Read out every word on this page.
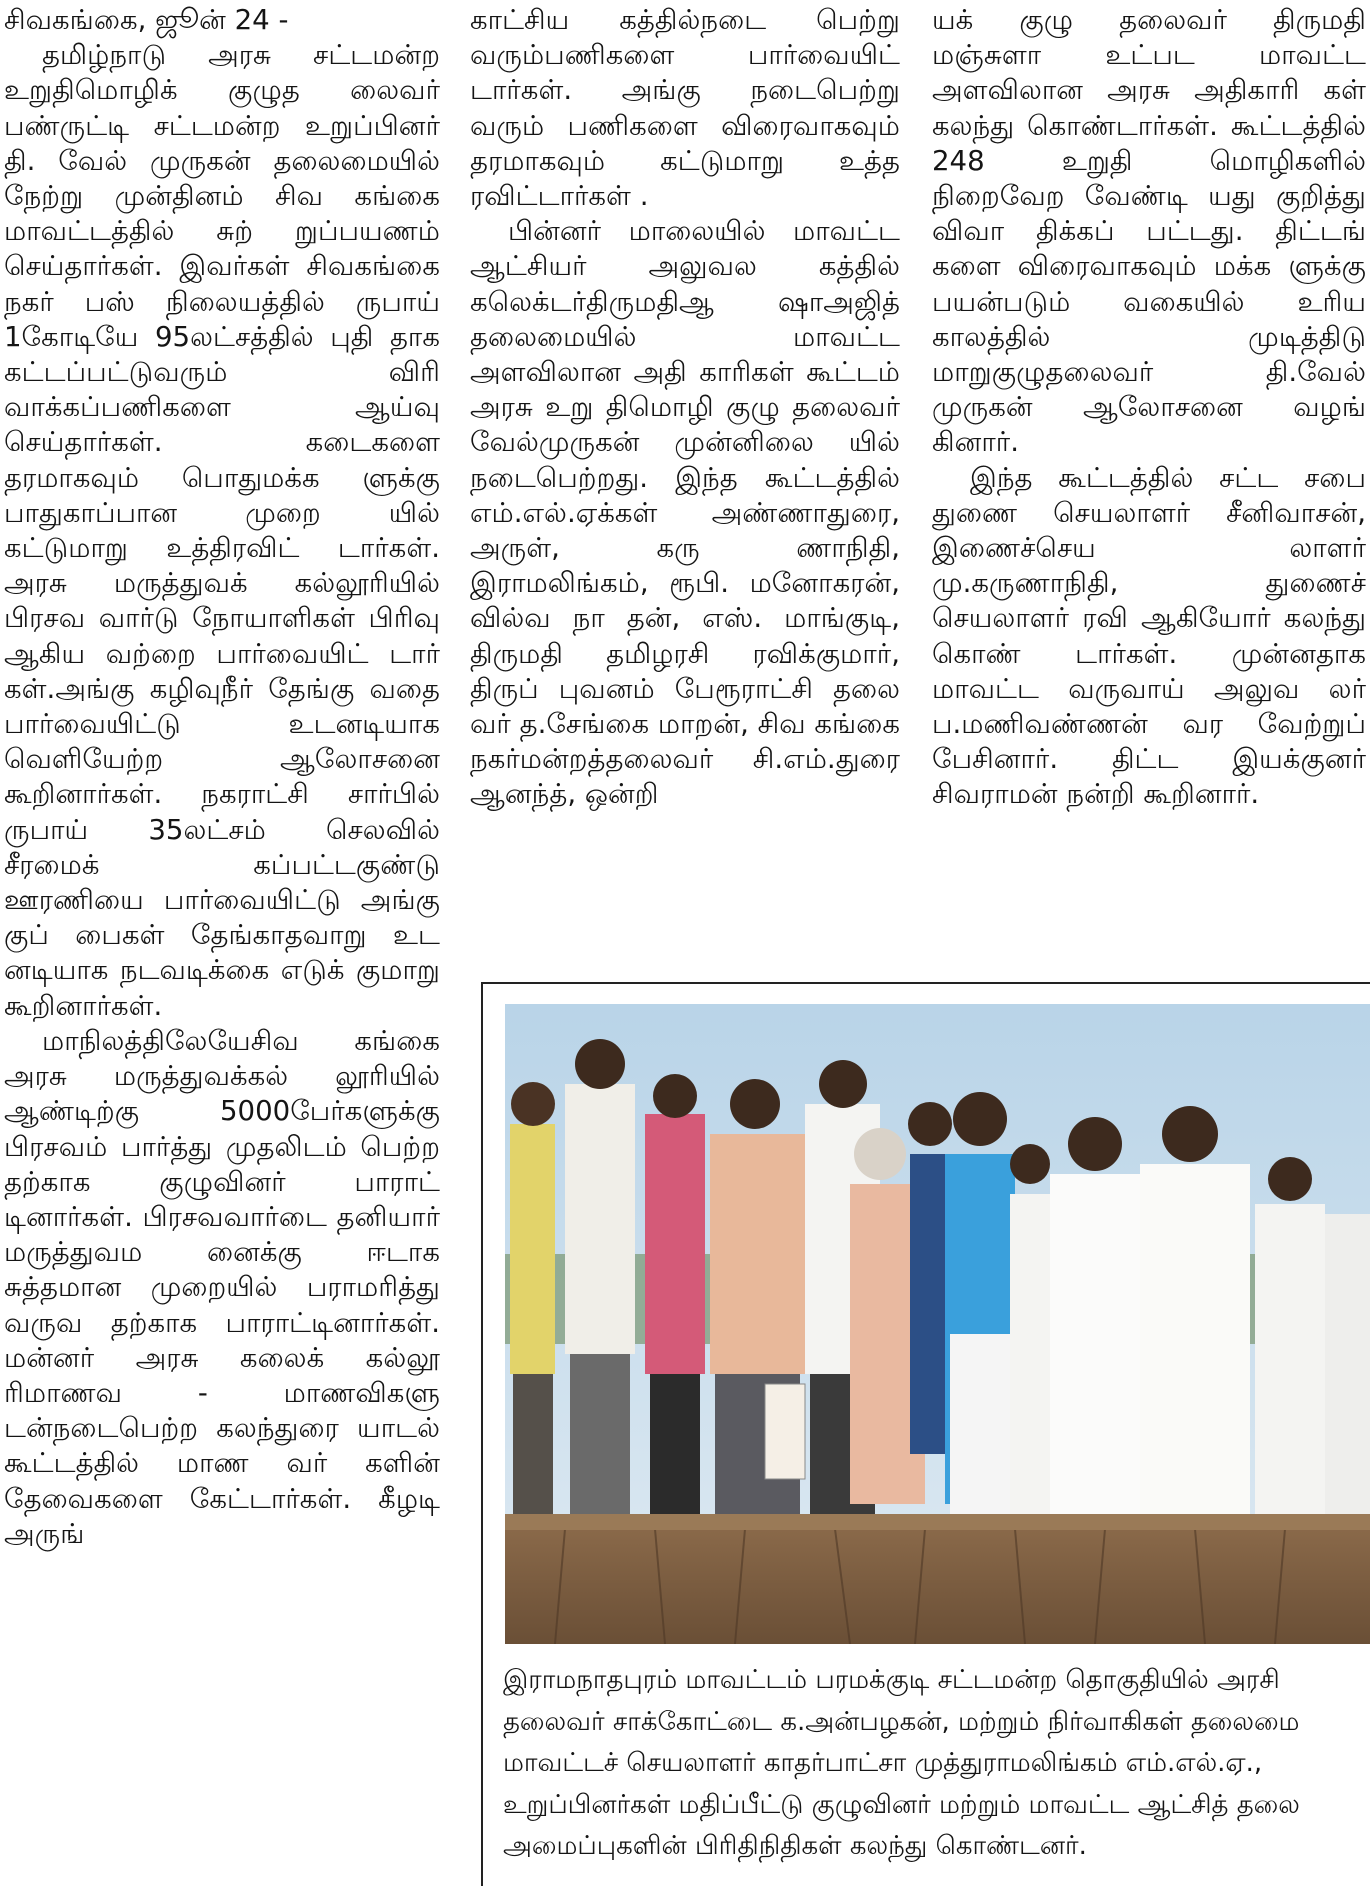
சிவகங்கை, ஜூன் 24 -

தமிழ்நாடு அரசு சட்டமன்ற உறுதிமொழிக் குழுத லைவர் பண்ருட்டி சட்டமன்ற உறுப்பினர் தி. வேல் முருகன் தலைமையில் நேற்று முன்தினம் சிவ கங்கை மாவட்டத்தில் சுற் றுப்பயணம் செய்தார்கள். இவர்கள் சிவகங்கை நகர் பஸ் நிலையத்தில் ருபாய் 1கோடியே 95லட்சத்தில் புதி தாக கட்டப்பட்டுவரும் விரி வாக்கப்பணிகளை ஆய்வு செய்தார்கள். கடைகளை தரமாகவும் பொதுமக்க ளுக்கு பாதுகாப்பான முறை யில் கட்டுமாறு உத்திரவிட் டார்கள். அரசு மருத்துவக் கல்லூரியில் பிரசவ வார்டு நோயாளிகள் பிரிவு ஆகிய வற்றை பார்வையிட் டார் கள்.அங்கு கழிவுநீர் தேங்கு வதை பார்வையிட்டு உடனடியாக வெளியேற்ற ஆலோசனை கூறினார்கள். நகராட்சி சார்பில் ருபாய் 35லட்சம் செலவில் சீரமைக் கப்பட்டகுண்டு ஊரணியை பார்வையிட்டு அங்கு குப் பைகள் தேங்காதவாறு உட னடியாக நடவடிக்கை எடுக் குமாறு கூறினார்கள்.

மாநிலத்திலேயேசிவ கங்கை அரசு மருத்துவக்கல் லூரியில் ஆண்டிற்கு 5000பேர்களுக்கு பிரசவம் பார்த்து முதலிடம் பெற்ற தற்காக குழுவினர் பாராட் டினார்கள். பிரசவவார்டை தனியார் மருத்துவம னைக்கு ஈடாக சுத்தமான முறையில் பராமரித்து வருவ தற்காக பாராட்டினார்கள். மன்னர் அரசு கலைக் கல்லூ ரிமாணவ - மாணவிகளு டன்நடைபெற்ற கலந்துரை யாடல் கூட்டத்தில் மாண வர் களின் தேவைகளை கேட்டார்கள். கீழடி அருங்

காட்சிய கத்தில்நடை பெற்று வரும்பணிகளை பார்வையிட் டார்கள். அங்கு நடைபெற்று வரும் பணிகளை விரைவாகவும் தரமாகவும் கட்டுமாறு உத்த ரவிட்டார்கள் .

பின்னர் மாலையில் மாவட்ட ஆட்சியர் அலுவல கத்தில் கலெக்டர்திருமதிஆ ஷாஅஜித் தலைமையில் மாவட்ட அளவிலான அதி காரிகள் கூட்டம் அரசு உறு திமொழி குழு தலைவர் வேல்முருகன் முன்னிலை யில் நடைபெற்றது. இந்த கூட்டத்தில் எம்.எல்.ஏக்கள் அண்ணாதுரை, அருள், கரு ணாநிதி, இராமலிங்கம், ரூபி. மனோகரன், வில்வ நா தன், எஸ். மாங்குடி, திருமதி தமிழரசி ரவிக்குமார், திருப் புவனம் பேரூராட்சி தலை வர் த.சேங்கை மாறன், சிவ கங்கை நகர்மன்றத்தலைவர் சி.எம்.துரை ஆனந்த், ஒன்றி

யக் குழு தலைவர் திருமதி மஞ்சுளா உட்பட மாவட்ட அளவிலான அரசு அதிகாரி கள் கலந்து கொண்டார்கள். கூட்டத்தில் 248 உறுதி மொழிகளில் நிறைவேற வேண்டி யது குறித்து விவா திக்கப் பட்டது. திட்டங் களை விரைவாகவும் மக்க ளுக்கு பயன்படும் வகையில் உரிய காலத்தில் முடித்திடு மாறுகுழுதலைவர் தி.வேல் முருகன் ஆலோசனை வழங் கினார்.

இந்த கூட்டத்தில் சட்ட சபை துணை செயலாளர் சீனிவாசன், இணைச்செய லாளர் மு.கருணாநிதி, துணைச் செயலாளர் ரவி ஆகியோர் கலந்து கொண் டார்கள். முன்னதாக மாவட்ட வருவாய் அலுவ லர் ப.மணிவண்ணன் வர வேற்றுப் பேசினார். திட்ட இயக்குனர் சிவராமன் நன்றி கூறினார்.

இராமநாதபுரம் மாவட்டம் பரமக்குடி சட்டமன்ற தொகுதியில் அரசி

தலைவர் சாக்கோட்டை க.அன்பழகன், மற்றும் நிர்வாகிகள் தலைமை

மாவட்டச் செயலாளர் காதர்பாட்சா முத்துராமலிங்கம் எம்.எல்.ஏ.,

உறுப்பினர்கள் மதிப்பீட்டு குழுவினர் மற்றும் மாவட்ட ஆட்சித் தலை

அமைப்புகளின் பிரிதிநிதிகள் கலந்து கொண்டனர்.
